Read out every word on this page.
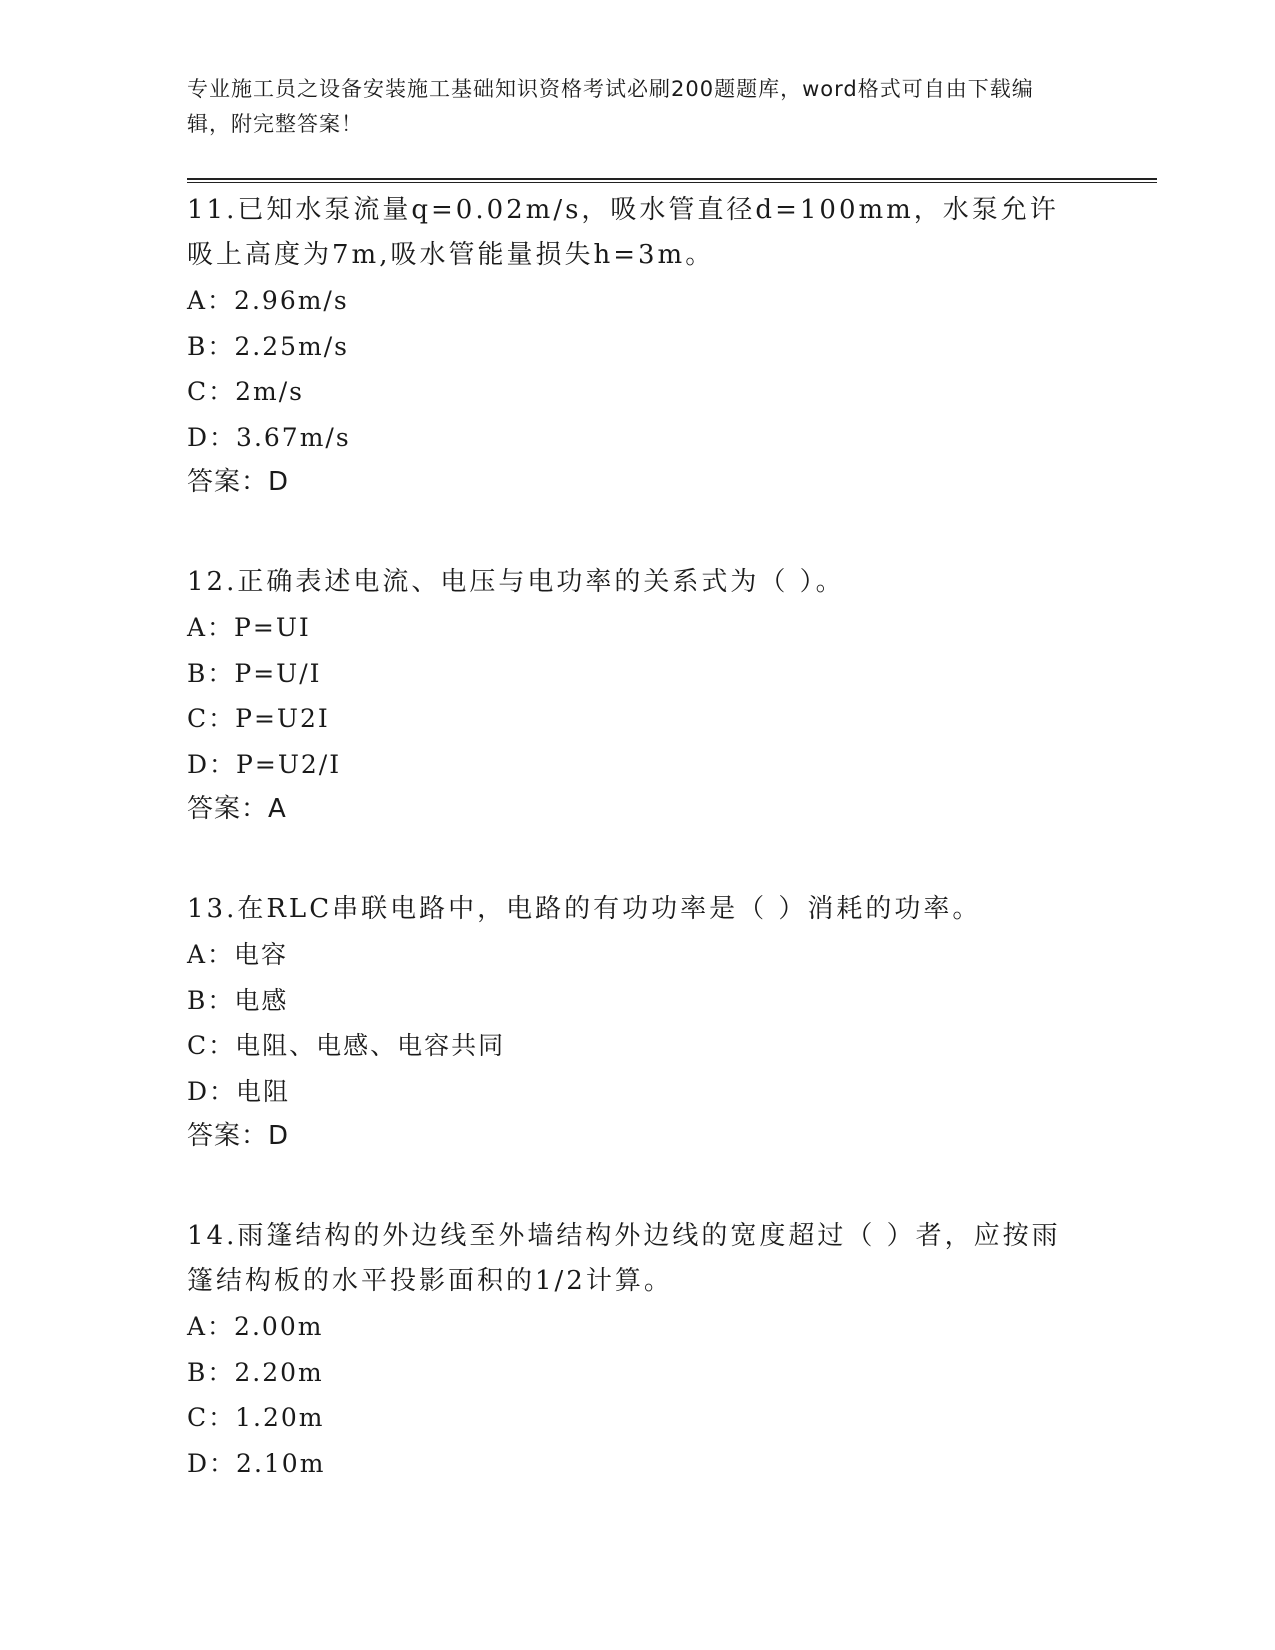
专业施工员之设备安装施工基础知识资格考试必刷200题题库，word格式可自由下载编辑，附完整答案！

11.已知水泵流量q=0.02m/s，吸水管直径d=100mm，水泵允许吸上高度为7m,吸水管能量损失h=3m。

A：2.96m/s

B：2.25m/s

C：2m/s

D：3.67m/s

答案：D

12.正确表述电流、电压与电功率的关系式为（ ）。

A：P=UI

B：P=U/I

C：P=U2I

D：P=U2/I

答案：A

13.在RLC串联电路中，电路的有功功率是（ ）消耗的功率。

A：电容

B：电感

C：电阻、电感、电容共同

D：电阻

答案：D

14.雨篷结构的外边线至外墙结构外边线的宽度超过（ ）者，应按雨篷结构板的水平投影面积的1/2计算。

A：2.00m

B：2.20m

C：1.20m

D：2.10m
